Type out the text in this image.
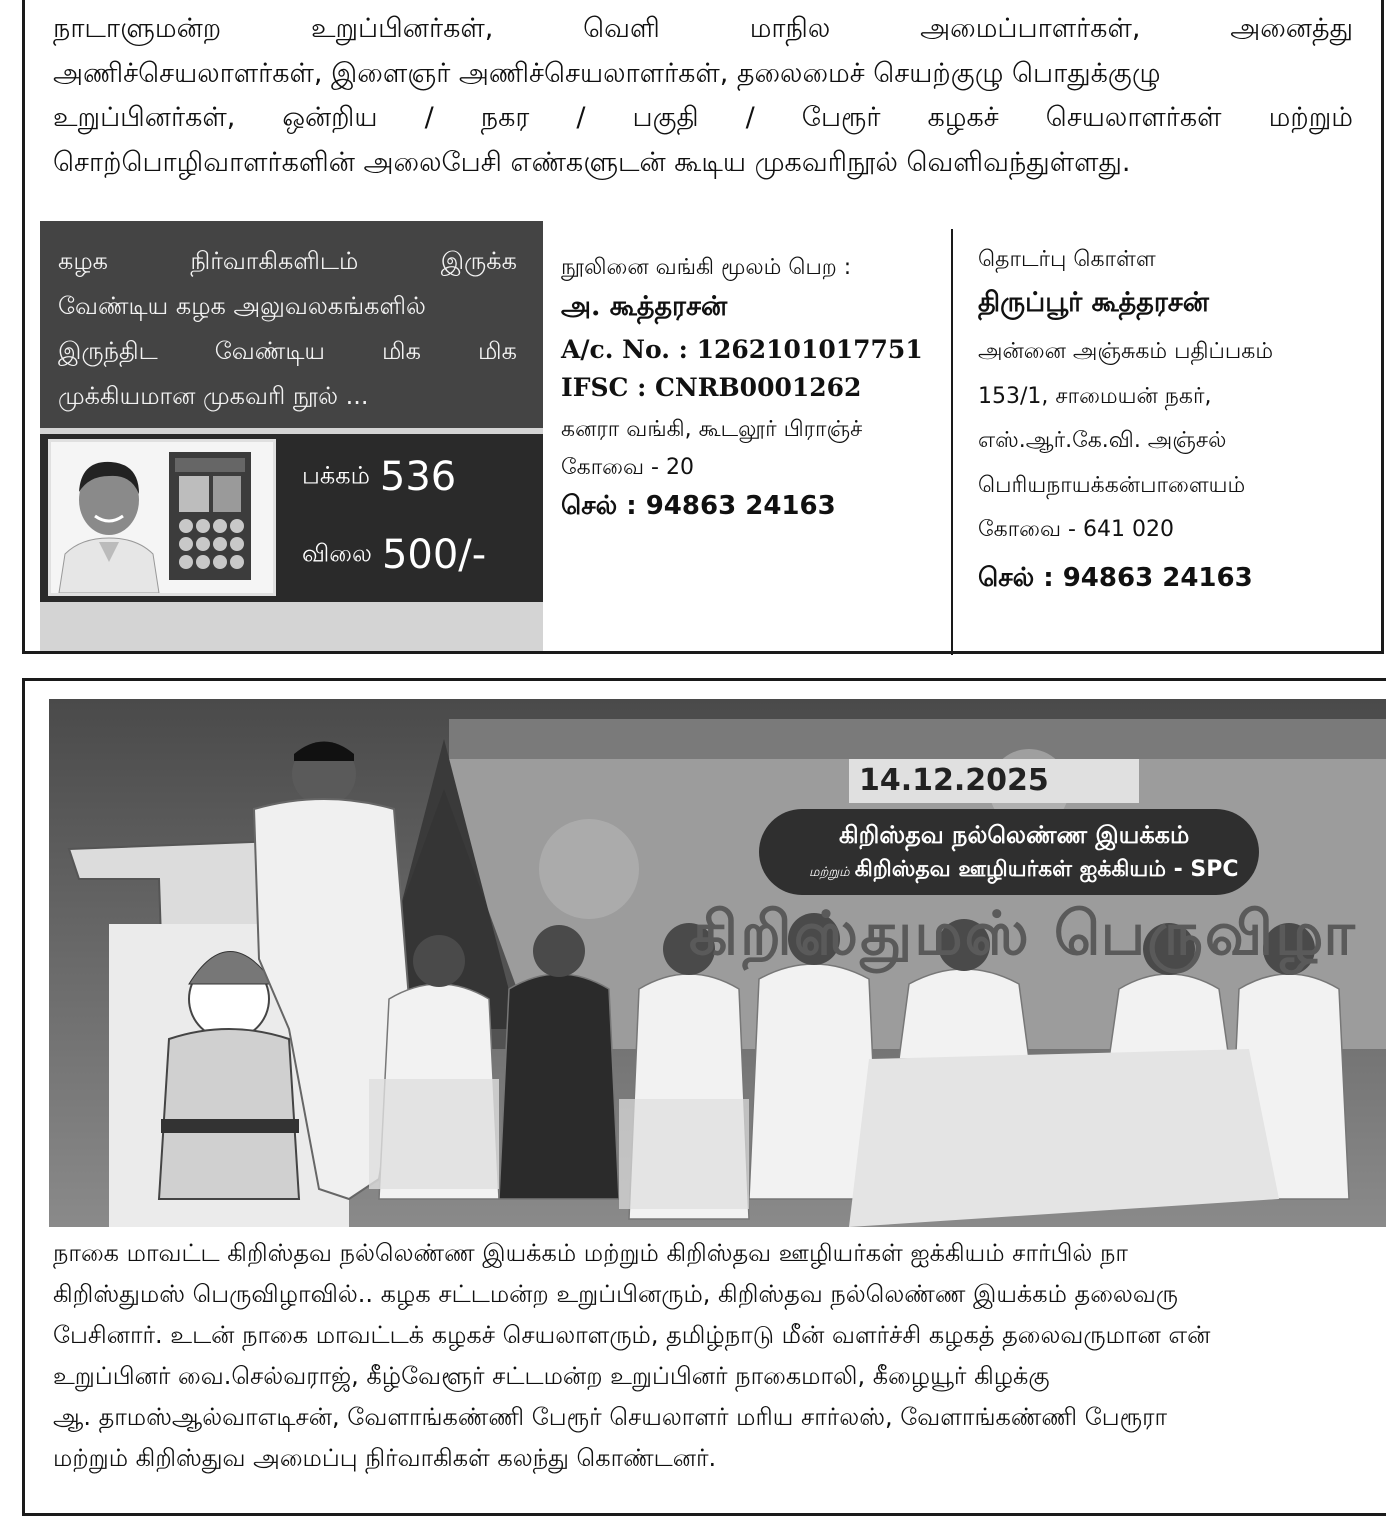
நாடாளுமன்ற உறுப்பினர்கள், வெளி மாநில அமைப்பாளர்கள், அனைத்து
அணிச்செயலாளர்கள், இளைஞர் அணிச்செயலாளர்கள், தலைமைச் செயற்குழு பொதுக்குழு
உறுப்பினர்கள், ஒன்றிய / நகர / பகுதி / பேரூர் கழகச் செயலாளர்கள் மற்றும்
சொற்பொழிவாளர்களின் அலைபேசி எண்களுடன் கூடிய முகவரிநூல் வெளிவந்துள்ளது.

கழக நிர்வாகிகளிடம் இருக்க
வேண்டிய கழக அலுவலகங்களில்
இருந்திட வேண்டிய மிக மிக
முக்கியமான முகவரி நூல் ...
பக்கம் 536
விலை 500/-
நூலினை வங்கி மூலம் பெற :
அ. கூத்தரசன்
A/c. No. : 1262101017751
IFSC : CNRB0001262
கனரா வங்கி, கூடலூர் பிராஞ்ச்
கோவை - 20
செல் : 94863 24163
தொடர்பு கொள்ள
திருப்பூர் கூத்தரசன்
அன்னை அஞ்சுகம் பதிப்பகம்
153/1, சாமையன் நகர்,
எஸ்.ஆர்.கே.வி. அஞ்சல்
பெரியநாயக்கன்பாளையம்
கோவை - 641 020
செல் : 94863 24163
14.12.2025
கிறிஸ்தவ நல்லெண்ண இயக்கம்
மற்றும் கிறிஸ்தவ ஊழியர்கள் ஐக்கியம் - SPC
கிறிஸ்துமஸ் பெருவிழா

நாகை மாவட்ட கிறிஸ்தவ நல்லெண்ண இயக்கம் மற்றும் கிறிஸ்தவ ஊழியர்கள் ஐக்கியம் சார்பில் நா
கிறிஸ்துமஸ் பெருவிழாவில்.. கழக சட்டமன்ற உறுப்பினரும், கிறிஸ்தவ நல்லெண்ண இயக்கம் தலைவரு
பேசினார். உடன் நாகை மாவட்டக் கழகச் செயலாளரும், தமிழ்நாடு மீன் வளர்ச்சி கழகத் தலைவருமான என்
உறுப்பினர் வை.செல்வராஜ், கீழ்வேளூர் சட்டமன்ற உறுப்பினர் நாகைமாலி, கீழையூர் கிழக்கு
ஆ. தாமஸ்ஆல்வாஎடிசன், வேளாங்கண்ணி பேரூர் செயலாளர் மரிய சார்லஸ், வேளாங்கண்ணி பேரூரா
மற்றும் கிறிஸ்துவ அமைப்பு நிர்வாகிகள் கலந்து கொண்டனர்.
